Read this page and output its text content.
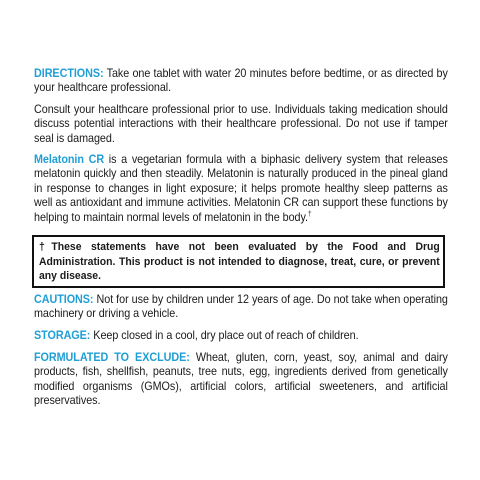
DIRECTIONS: Take one tablet with water 20 minutes before bedtime, or as directed by your healthcare professional.

Consult your healthcare professional prior to use. Individuals taking medication should discuss potential interactions with their healthcare professional. Do not use if tamper seal is damaged.

Melatonin CR is a vegetarian formula with a biphasic delivery system that releases melatonin quickly and then steadily. Melatonin is naturally produced in the pineal gland in response to changes in light exposure; it helps promote healthy sleep patterns as well as antioxidant and immune activities. Melatonin CR can support these functions by helping to maintain normal levels of melatonin in the body.†

†These statements have not been evaluated by the Food and Drug Administration. This product is not intended to diagnose, treat, cure, or prevent any disease.

CAUTIONS: Not for use by children under 12 years of age. Do not take when operating machinery or driving a vehicle.

STORAGE: Keep closed in a cool, dry place out of reach of children.

FORMULATED TO EXCLUDE: Wheat, gluten, corn, yeast, soy, animal and dairy products, fish, shellfish, peanuts, tree nuts, egg, ingredients derived from genetically modified organisms (GMOs), artificial colors, artificial sweeteners, and artificial preservatives.
